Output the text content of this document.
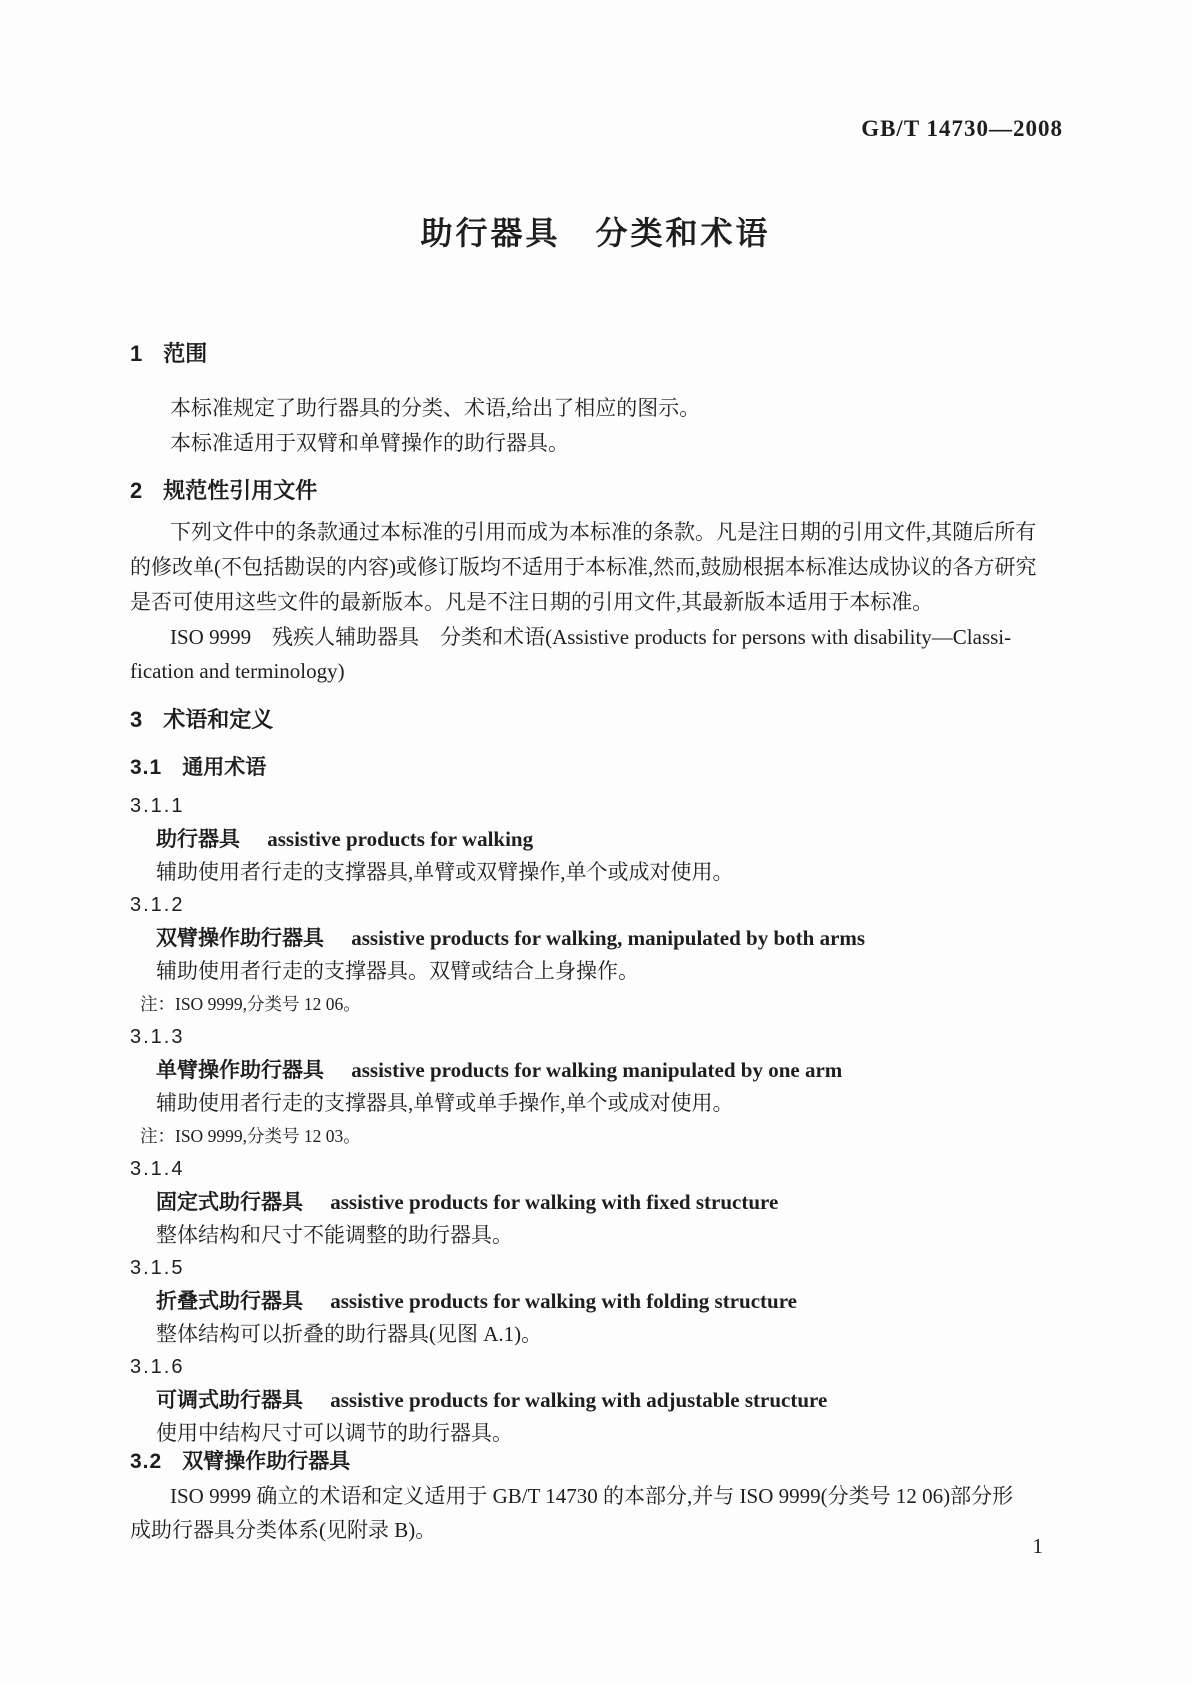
GB/T 14730—2008
助行器具　分类和术语
1 范围

本标准规定了助行器具的分类、术语,给出了相应的图示。

本标准适用于双臂和单臂操作的助行器具。

2 规范性引用文件

下列文件中的条款通过本标准的引用而成为本标准的条款。凡是注日期的引用文件,其随后所有

的修改单(不包括勘误的内容)或修订版均不适用于本标准,然而,鼓励根据本标准达成协议的各方研究

是否可使用这些文件的最新版本。凡是不注日期的引用文件,其最新版本适用于本标准。

ISO 9999　残疾人辅助器具　分类和术语(Assistive products for persons with disability—Classi-

fication and terminology)

3 术语和定义
3.1 通用术语
3.1.1
助行器具 assistive products for walking
辅助使用者行走的支撑器具,单臂或双臂操作,单个或成对使用。
3.1.2
双臂操作助行器具 assistive products for walking, manipulated by both arms
辅助使用者行走的支撑器具。双臂或结合上身操作。
注：ISO 9999,分类号 12 06。
3.1.3
单臂操作助行器具 assistive products for walking manipulated by one arm
辅助使用者行走的支撑器具,单臂或单手操作,单个或成对使用。
注：ISO 9999,分类号 12 03。
3.1.4
固定式助行器具 assistive products for walking with fixed structure
整体结构和尺寸不能调整的助行器具。
3.1.5
折叠式助行器具 assistive products for walking with folding structure
整体结构可以折叠的助行器具(见图 A.1)。
3.1.6
可调式助行器具 assistive products for walking with adjustable structure
使用中结构尺寸可以调节的助行器具。
3.2 双臂操作助行器具

ISO 9999 确立的术语和定义适用于 GB/T 14730 的本部分,并与 ISO 9999(分类号 12 06)部分形

成助行器具分类体系(见附录 B)。

1
